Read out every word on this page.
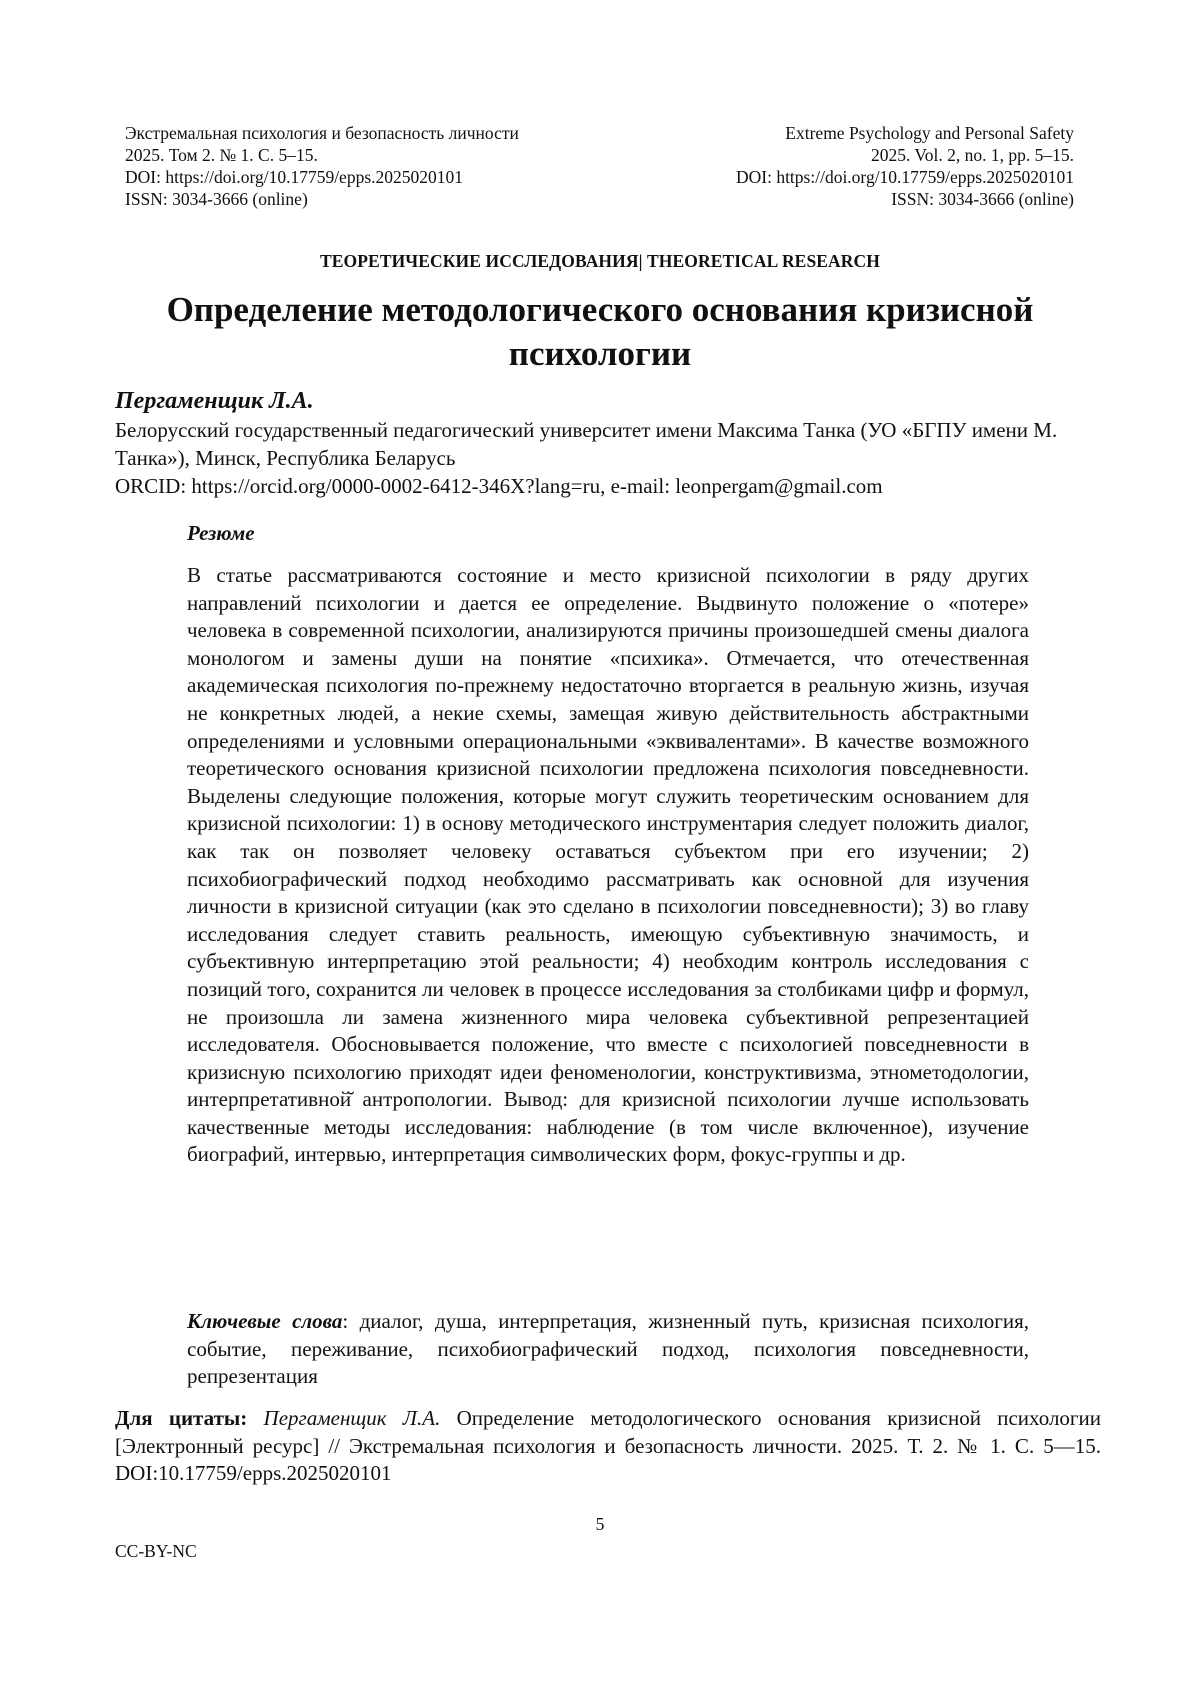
Экстремальная психология и безопасность личности
2025. Том 2. № 1. С. 5–15.
DOI: https://doi.org/10.17759/epps.2025020101
ISSN: 3034-3666 (online)
Extreme Psychology and Personal Safety
2025. Vol. 2, no. 1, pp. 5–15.
DOI: https://doi.org/10.17759/epps.2025020101
ISSN: 3034-3666 (online)
ТЕОРЕТИЧЕСКИЕ ИССЛЕДОВАНИЯ| THEORETICAL RESEARCH
Определение методологического основания кризисной психологии
Пергаменщик Л.А.
Белорусский государственный педагогический университет имени Максима Танка (УО «БГПУ имени М. Танка»), Минск, Республика Беларусь
ORCID: https://orcid.org/0000-0002-6412-346X?lang=ru, e-mail: leonpergam@gmail.com
Резюме
В статье рассматриваются состояние и место кризисной психологии в ряду других направлений психологии и дается ее определение. Выдвинуто положение о «потере» человека в современной психологии, анализируются причины произошедшей смены диалога монологом и замены души на понятие «психика». Отмечается, что отечественная академическая психология по-прежнему недостаточно вторгается в реальную жизнь, изучая не конкретных людей, а некие схемы, замещая живую действительность абстрактными определениями и условными операциональными «эквивалентами». В качестве возможного теоретического основания кризисной психологии предложена психология повседневности. Выделены следующие положения, которые могут служить теоретическим основанием для кризисной психологии: 1) в основу методического инструментария следует положить диалог, как так он позволяет человеку оставаться субъектом при его изучении; 2) психобиографический подход необходимо рассматривать как основной для изучения личности в кризисной ситуации (как это сделано в психологии повседневности); 3) во главу исследования следует ставить реальность, имеющую субъективную значимость, и субъективную интерпретацию этой реальности; 4) необходим контроль исследования с позиций того, сохранится ли человек в процессе исследования за столбиками цифр и формул, не произошла ли замена жизненного мира человека субъективной репрезентацией исследователя. Обосновывается положение, что вместе с психологией повседневности в кризисную психологию приходят идеи феноменологии, конструктивизма, этнометодологии, интерпретативной̆ антропологии. Вывод: для кризисной психологии лучше использовать качественные методы исследования: наблюдение (в том числе включенное), изучение биографий, интервью, интерпретация символических форм, фокус-группы и др.
Ключевые слова: диалог, душа, интерпретация, жизненный путь, кризисная психология, событие, переживание, психобиографический подход, психология повседневности, репрезентация
Для цитаты: Пергаменщик Л.А. Определение методологического основания кризисной психологии [Электронный ресурс] // Экстремальная психология и безопасность личности. 2025. Т. 2. № 1. С. 5—15. DOI:10.17759/epps.2025020101
5
CC-BY-NC
